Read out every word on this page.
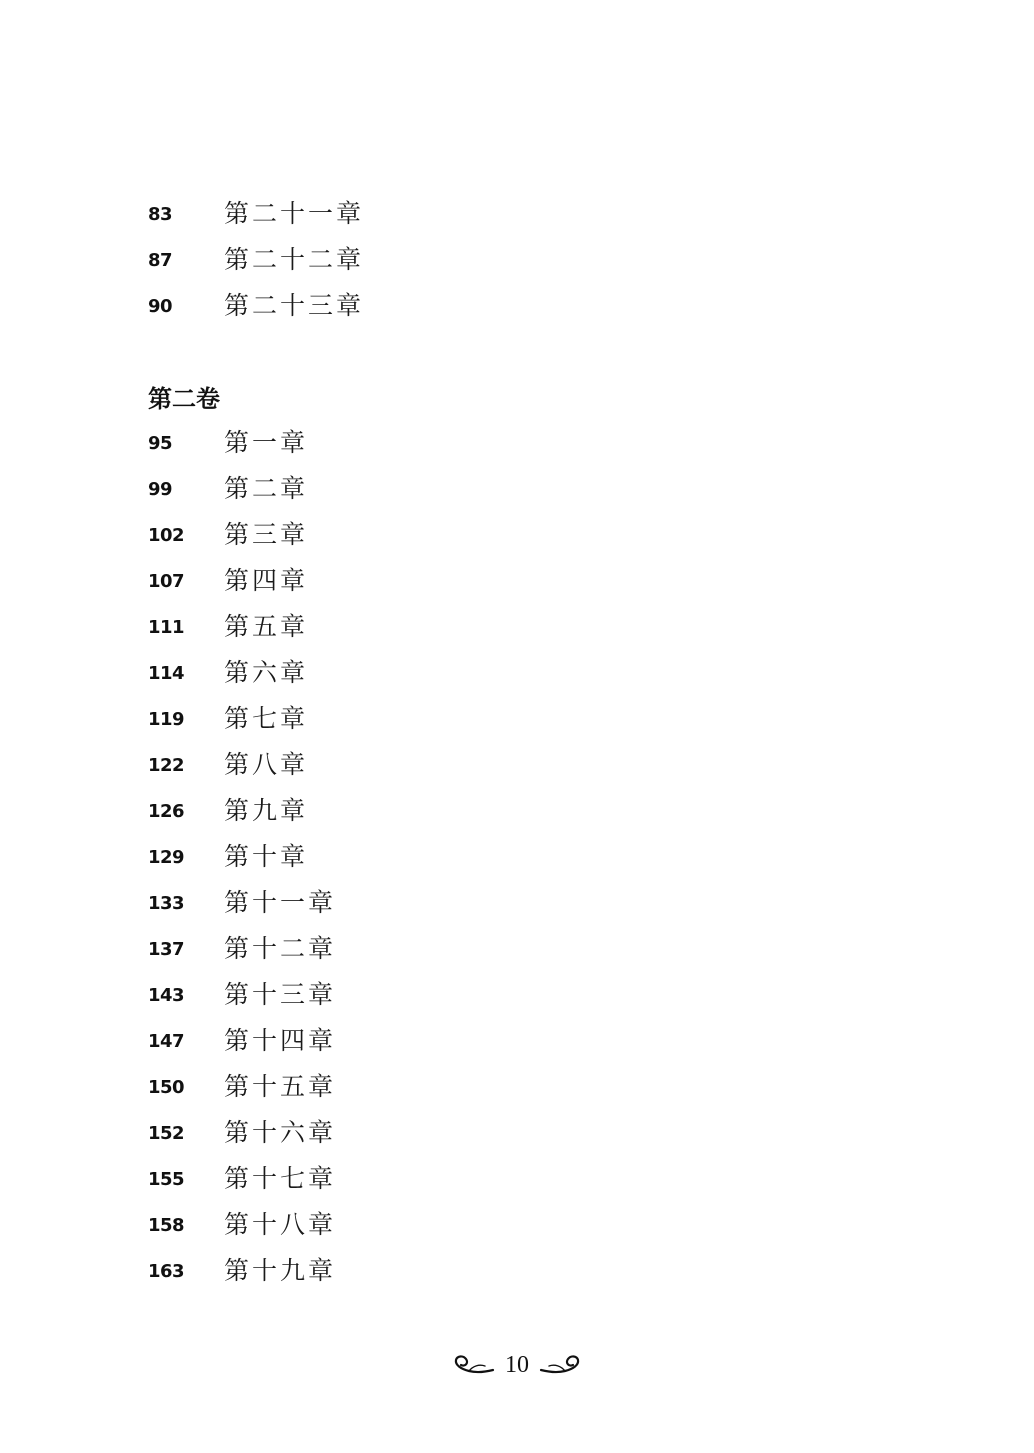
83	第二十一章
87	第二十二章
90	第二十三章
第二卷
95	第一章
99	第二章
102	第三章
107	第四章
111	第五章
114	第六章
119	第七章
122	第八章
126	第九章
129	第十章
133	第十一章
137	第十二章
143	第十三章
147	第十四章
150	第十五章
152	第十六章
155	第十七章
158	第十八章
163	第十九章
10
